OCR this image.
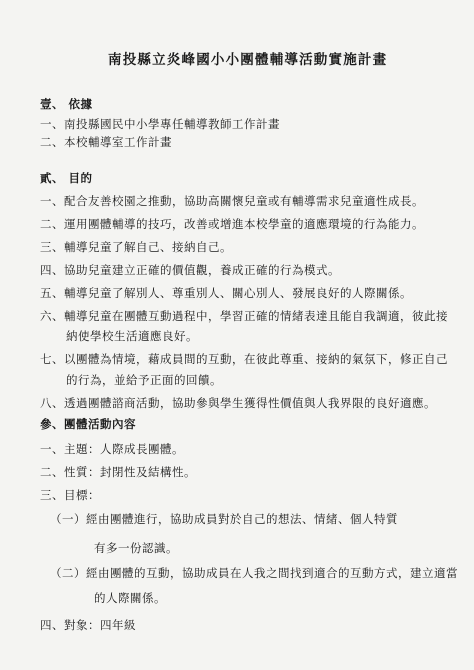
南投縣立炎峰國小小團體輔導活動實施計畫
壹、 依據
一、南投縣國民中小學專任輔導教師工作計畫
二、本校輔導室工作計畫
貳、 目的
一、配合友善校園之推動，協助高關懷兒童或有輔導需求兒童適性成長。
二、運用團體輔導的技巧，改善或增進本校學童的適應環境的行為能力。
三、輔導兒童了解自己、接納自己。
四、協助兒童建立正確的價值觀，養成正確的行為模式。
五、輔導兒童了解別人、尊重別人、關心別人、發展良好的人際關係。
六、輔導兒童在團體互動過程中，學習正確的情緒表達且能自我調適，彼此接
納使學校生活適應良好。
七、以團體為情境，藉成員間的互動，在彼此尊重、接納的氣氛下，修正自己
的行為，並給予正面的回饋。
八、透過團體諮商活動，協助參與學生獲得性價值與人我界限的良好適應。
參、團體活動內容
一、主題：人際成長團體。
二、性質：封閉性及結構性。
三、目標：
（一）經由團體進行，協助成員對於自己的想法、情緒、個人特質
有多一份認識。
（二）經由團體的互動，協助成員在人我之間找到適合的互動方式，建立適當
的人際關係。
四、對象：四年級
